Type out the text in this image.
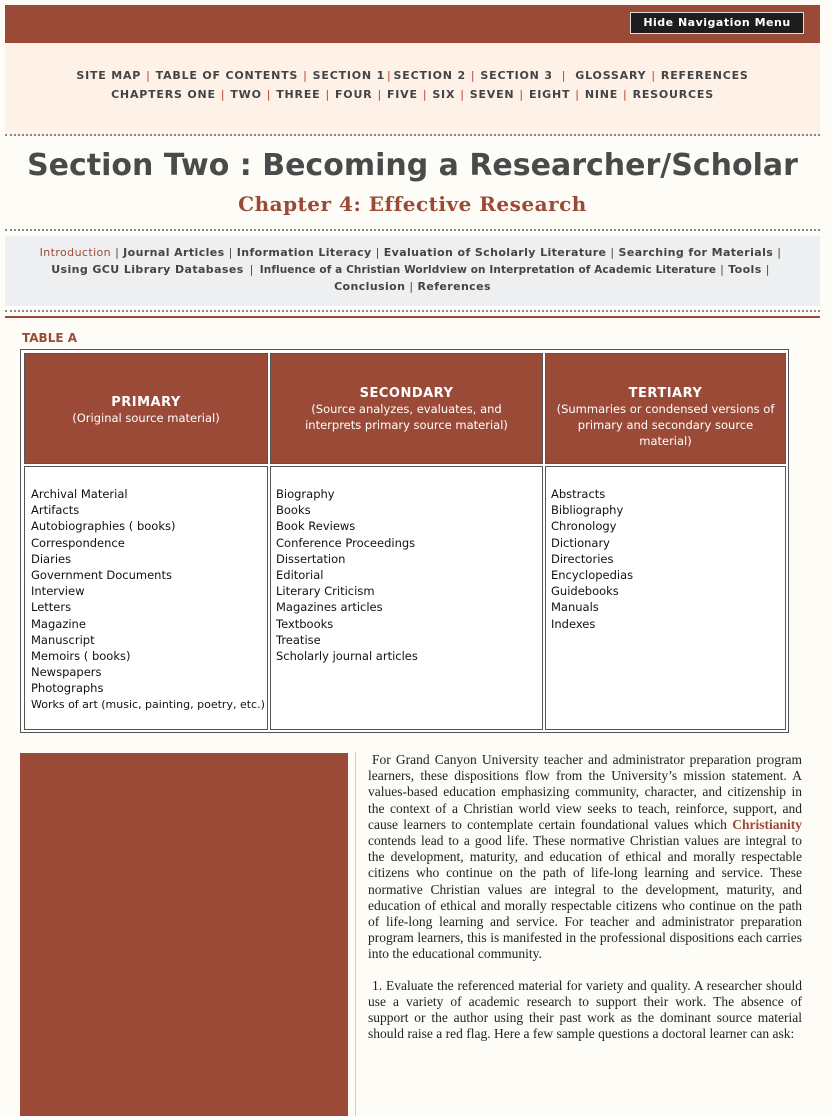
Hide Navigation Menu
SITE MAP | TABLE OF CONTENTS | SECTION 1 | SECTION 2 | SECTION 3 | GLOSSARY | REFERENCES
CHAPTERS ONE | TWO | THREE | FOUR | FIVE | SIX | SEVEN | EIGHT | NINE | RESOURCES
Section Two : Becoming a Researcher/Scholar
Chapter 4: Effective Research
Introduction | Journal Articles | Information Literacy | Evaluation of Scholarly Literature | Searching for Materials |
Using GCU Library Databases | Influence of a Christian Worldview on Interpretation of Academic Literature | Tools |
Conclusion | References
TABLE A
PRIMARY
(Original source material)
SECONDARY
(Source analyzes, evaluates, and interprets primary source material)
TERTIARY
(Summaries or condensed versions of primary and secondary source material)
Archival Material
Artifacts
Autobiographies ( books)
Correspondence
Diaries
Government Documents
Interview
Letters
Magazine
Manuscript
Memoirs ( books)
Newspapers
Photographs
Works of art (music, painting, poetry, etc.)
Biography
Books
Book Reviews
Conference Proceedings
Dissertation
Editorial
Literary Criticism
Magazines articles
Textbooks
Treatise
Scholarly journal articles
Abstracts
Bibliography
Chronology
Dictionary
Directories
Encyclopedias
Guidebooks
Manuals
Indexes

For Grand Canyon University teacher and administrator preparation program learners, these dispositions flow from the University’s mission statement. A values-based education emphasizing community, character, and citizenship in the context of a Christian world view seeks to teach, reinforce, support, and cause learners to contemplate certain foundational values which Christianity contends lead to a good life. These normative Christian values are integral to the development, maturity, and education of ethical and morally respectable citizens who continue on the path of life-long learning and service. These normative Christian values are integral to the development, maturity, and education of ethical and morally respectable citizens who continue on the path of life-long learning and service. For teacher and administrator preparation program learners, this is manifested in the professional dispositions each carries into the educational community.

1. Evaluate the referenced material for variety and quality. A researcher should use a variety of academic research to support their work. The absence of support or the author using their past work as the dominant source material should raise a red flag. Here a few sample questions a doctoral learner can ask:
